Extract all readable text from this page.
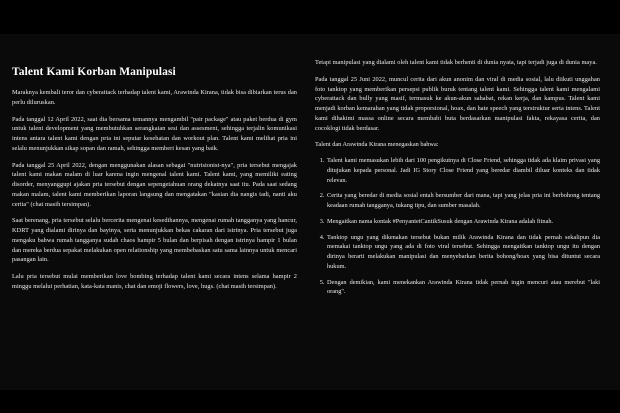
Talent Kami Korban Manipulasi

Maraknya kembali teror dan cyberattack terhadap talent kami, Arawinda Kirana, tidak bisa dibiarkan terus dan perlu diluruskan.

Pada tanggal 12 April 2022, saat dia bersama temannya mengambil "pair package" atau paket berdua di gym untuk talent development yang membutuhkan serangkaian sesi dan assesment, sehingga terjalin komunikasi intens antara talent kami dengan pria ini seputar kesehatan dan workout plan. Talent kami melihat pria ini selalu menunjukkan sikap sopan dan ramah, sehingga memberi kesan yang baik.

Pada tanggal 25 April 2022, dengan menggunakan alasan sebagai "nutrisionist-nya", pria tersebut mengajak talent kami makan malam di luar karena ingin mengenal talent kami. Talent kami, yang memiliki eating disorder, menyanggupi ajakan pria tersebut dengan sepengetahuan orang dekatnya saat itu. Pada saat sedang makan malam, talent kami memberikan laporan langsung dan mengatakan "kasian dia nangis tadi, nanti aku cerita" (chat masih tersimpan).

Saat berenang, pria tersebut selalu bercerita mengenai kesedihannya, mengenai rumah tangganya yang hancur, KDRT yang dialami dirinya dan bayinya, serta menunjukkan bekas cakaran dari istrinya. Pria tersebut juga mengaku bahwa rumah tangganya sudah chaos hampir 5 bulan dan berpisah dengan istrinya hampir 1 bulan dan mereka berdua sepakat melakukan open relationship yang membebaskan satu sama lainnya untuk mencari pasangan lain.

Lalu pria tersebut mulai memberikan love bombing terhadap talent kami secara intens selama hampir 2 minggu melalui perhatian, kata-kata manis, chat dan emoji flowers, love, hugs. (chat masih tersimpan).

Tetapi manipulasi yang dialami oleh talent kami tidak berhenti di dunia nyata, tapi terjadi juga di dunia maya.

Pada tanggal 25 Juni 2022, muncul cerita dari akun anonim dan viral di media sosial, lalu diikuti unggahan foto tanktop yang memberikan persepsi publik buruk tentang talent kami. Sehingga talent kami mengalami cyberattack dan bully yang masif, termasuk ke akun-akun sahabat, rekan kerja, dan kampus. Talent kami menjadi korban kemarahan yang tidak proporsional, hoax, dan hate speech yang terstruktur serta intens. Talent kami dihakimi massa online secara membabi buta berdasarkan manipulasi fakta, rekayasa cerita, dan cocoklogi tidak berdasar.

Talent dan Arawinda Kirana menegaskan bahwa:

1. Talent kami memasukan lebih dari 100 pengikutnya di Close Friend, sehingga tidak ada klaim privasi yang ditujukan kepada personal. Jadi IG Story Close Friend yang beredar diambil diluar konteks dan tidak relevan.
2. Cerita yang beredar di media sosial entah bersumber dari mana, tapi yang jelas pria ini berbohong tentang keadaan rumah tangganya, tukang tipu, dan sumber masalah.
3. Mengaitkan nama kontak #PenyantetCantikSusuk dengan Arawinda Kirana adalah fitnah.
4. Tanktop ungu yang dikenakan tersebut bukan milik Arawinda Kirana dan tidak pernah sekalipun dia memakai tanktop ungu yang ada di foto viral tersebut. Sehingga mengaitkan tanktop ungu itu dengan dirinya berarti melakukan manipulasi dan menyebarkan berita bohong/hoax yang bisa dituntut secara hukum.
5. Dengan demikian, kami menekankan Arawinda Kirana tidak pernah ingin mencuri atau merebut "laki orang".
